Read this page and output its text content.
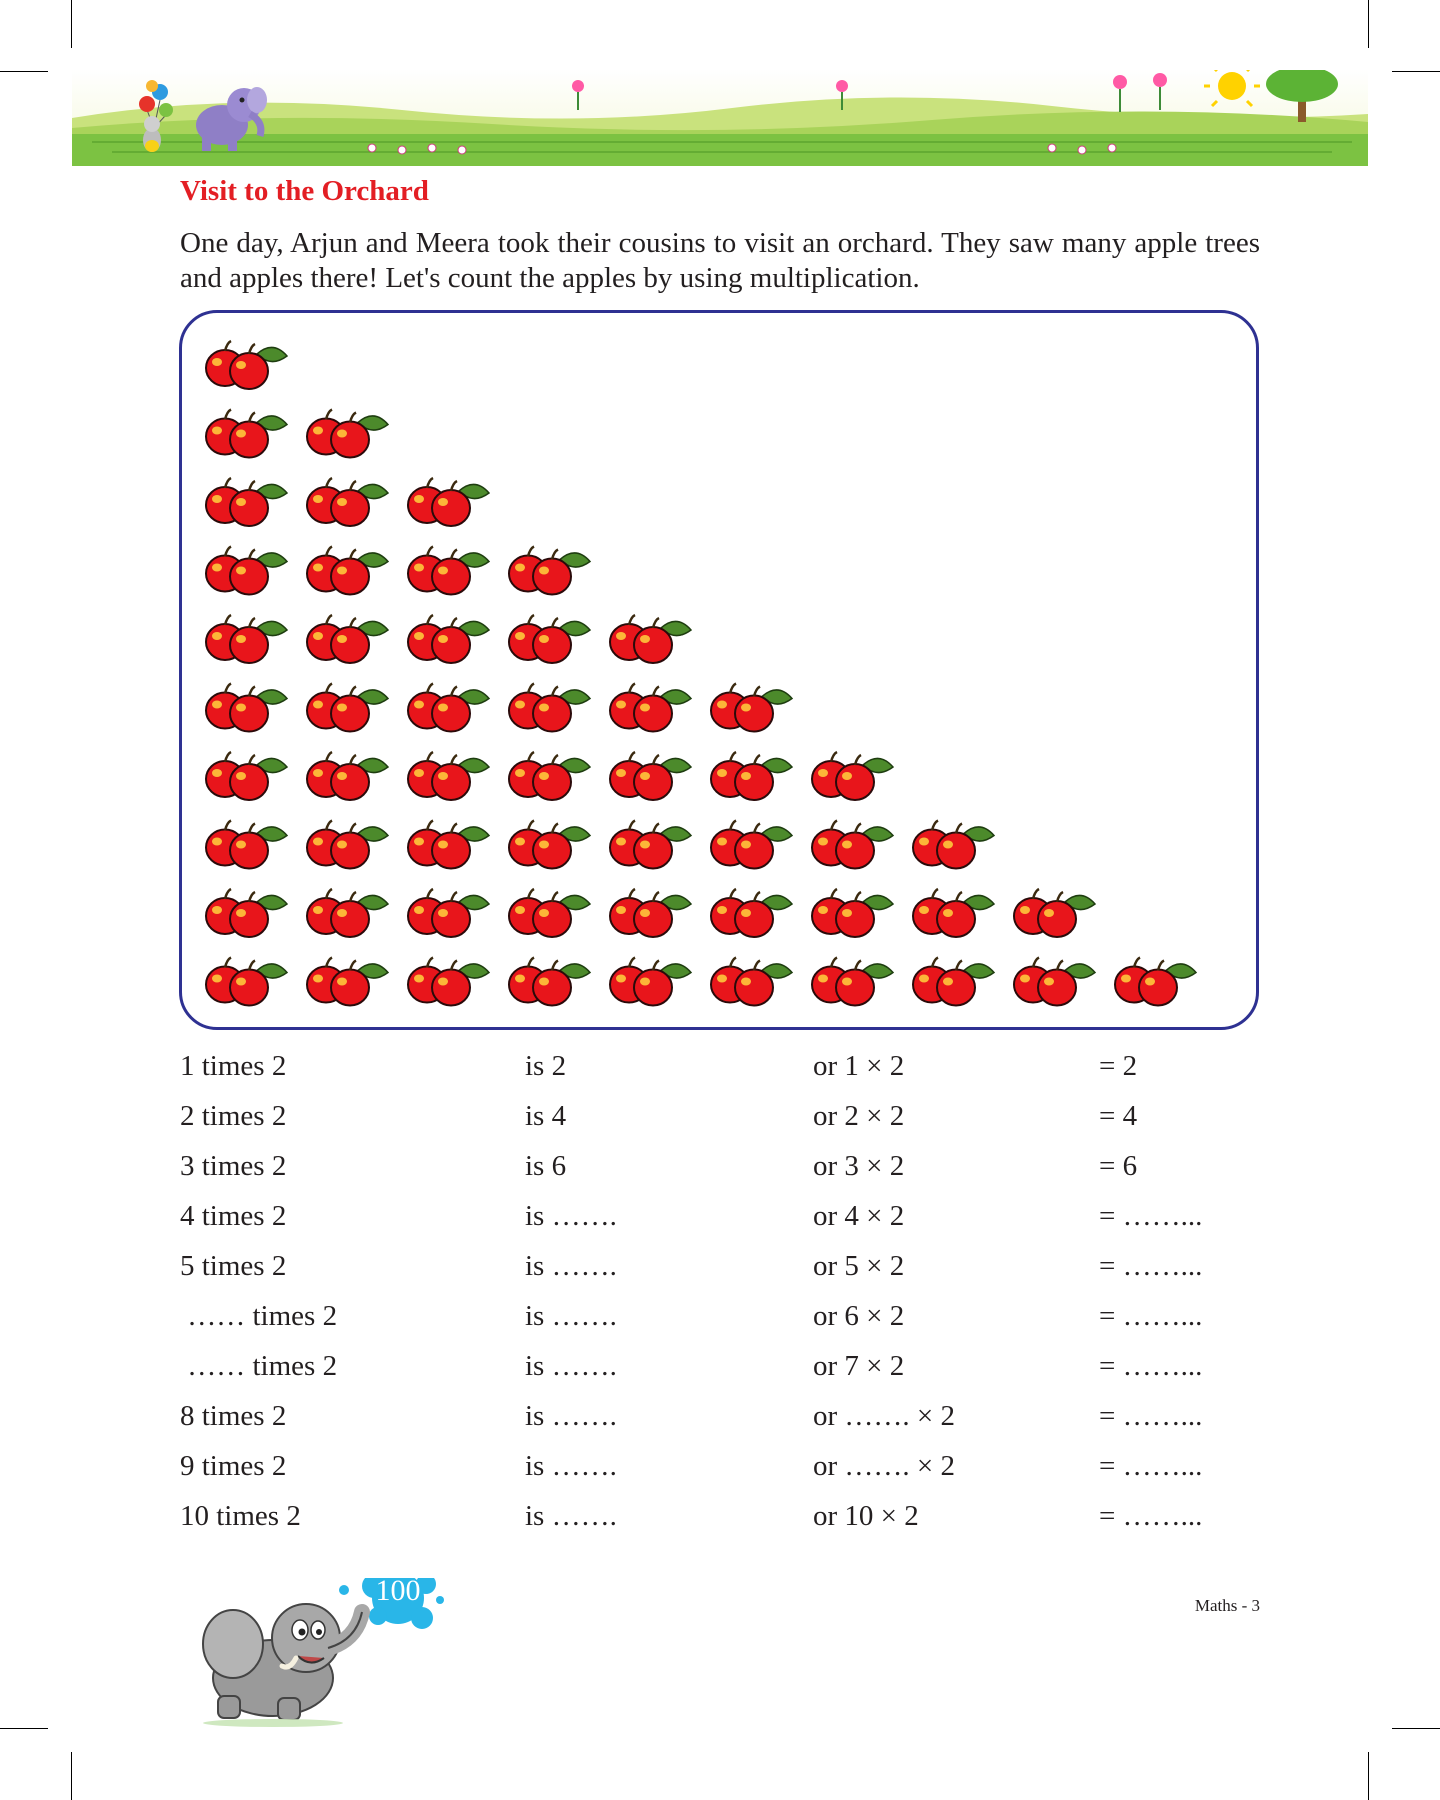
Visit to the Orchard

One day, Arjun and Meera took their cousins to visit an orchard. They saw many apple trees and apples there! Let's count the apples by using multiplication.

1 times 2	is 2	or 1 × 2	= 2
2 times 2	is 4	or 2 × 2	= 4
3 times 2	is 6	or 3 × 2	= 6
4 times 2	is …….	or 4 × 2	= ……...
5 times 2	is …….	or 5 × 2	= ……...
…… times 2	is …….	or 6 × 2	= ……...
…… times 2	is …….	or 7 × 2	= ……...
8 times 2	is …….	or ……. × 2	= ……...
9 times 2	is …….	or ……. × 2	= ……...
10 times 2	is …….	or 10 × 2	= ……...
100	Maths - 3
